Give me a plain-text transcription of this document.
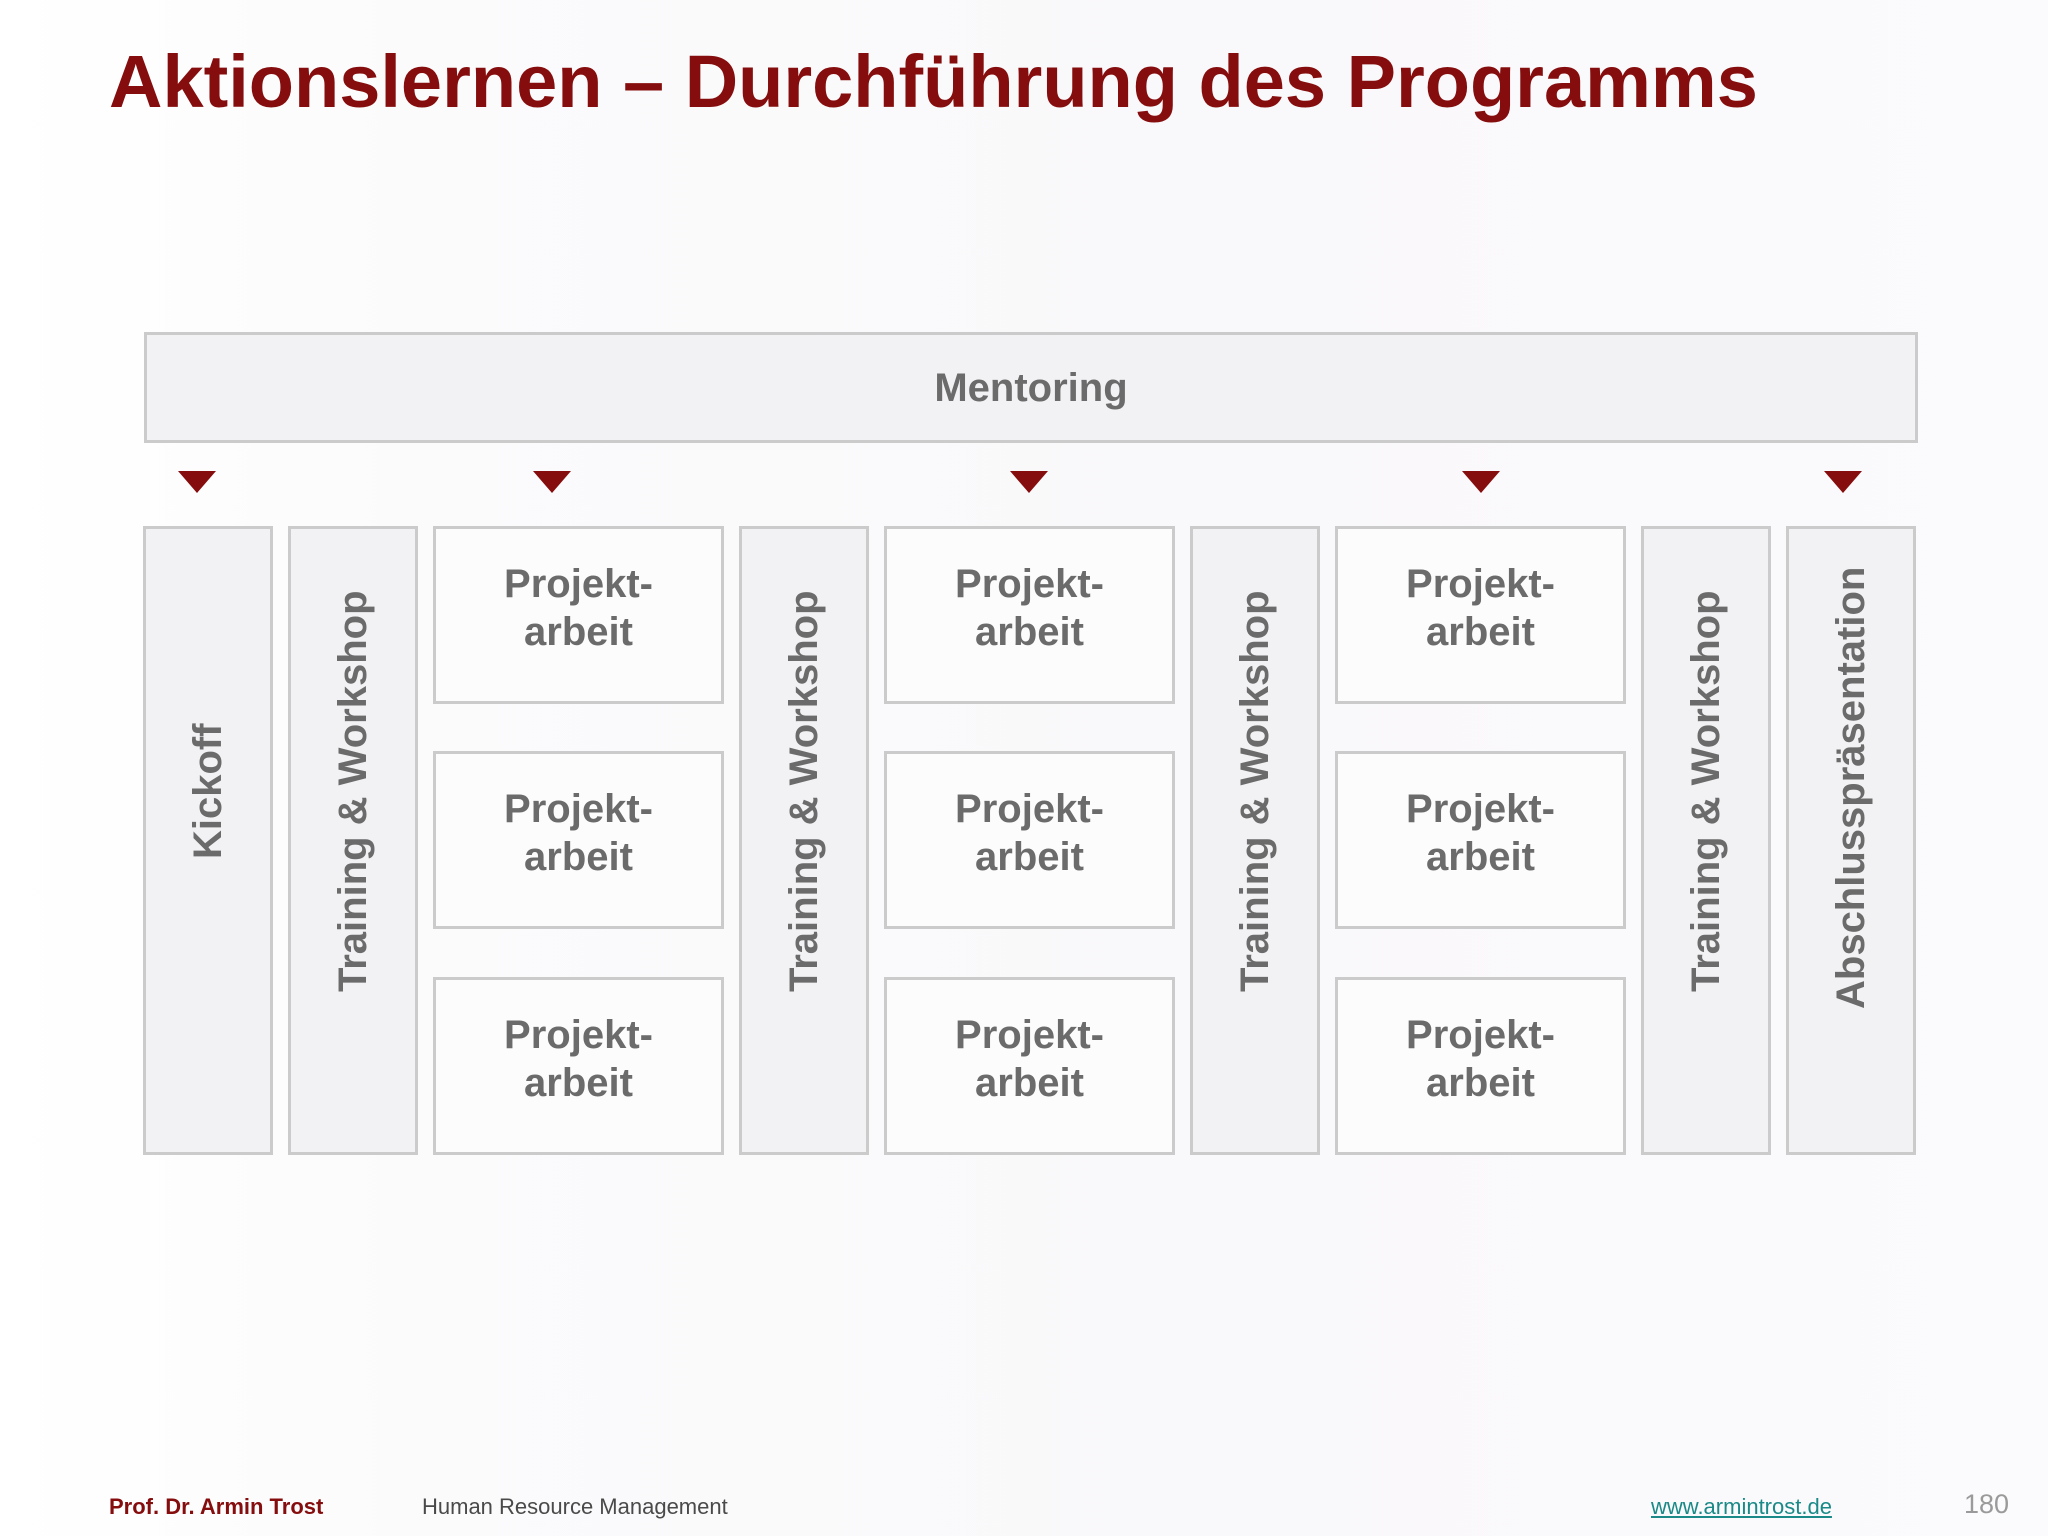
Aktionslernen – Durchführung des Programms
Mentoring
Kickoff	Training & Workshop
Projekt-
arbeit
Projekt-
arbeit
Projekt-
arbeit
Training & Workshop
Projekt-
arbeit
Projekt-
arbeit
Projekt-
arbeit
Training & Workshop
Projekt-
arbeit
Projekt-
arbeit
Projekt-
arbeit
Training & Workshop	Abschlusspräsentation
Prof. Dr. Armin Trost	Human Resource Management	www.armintrost.de	180
